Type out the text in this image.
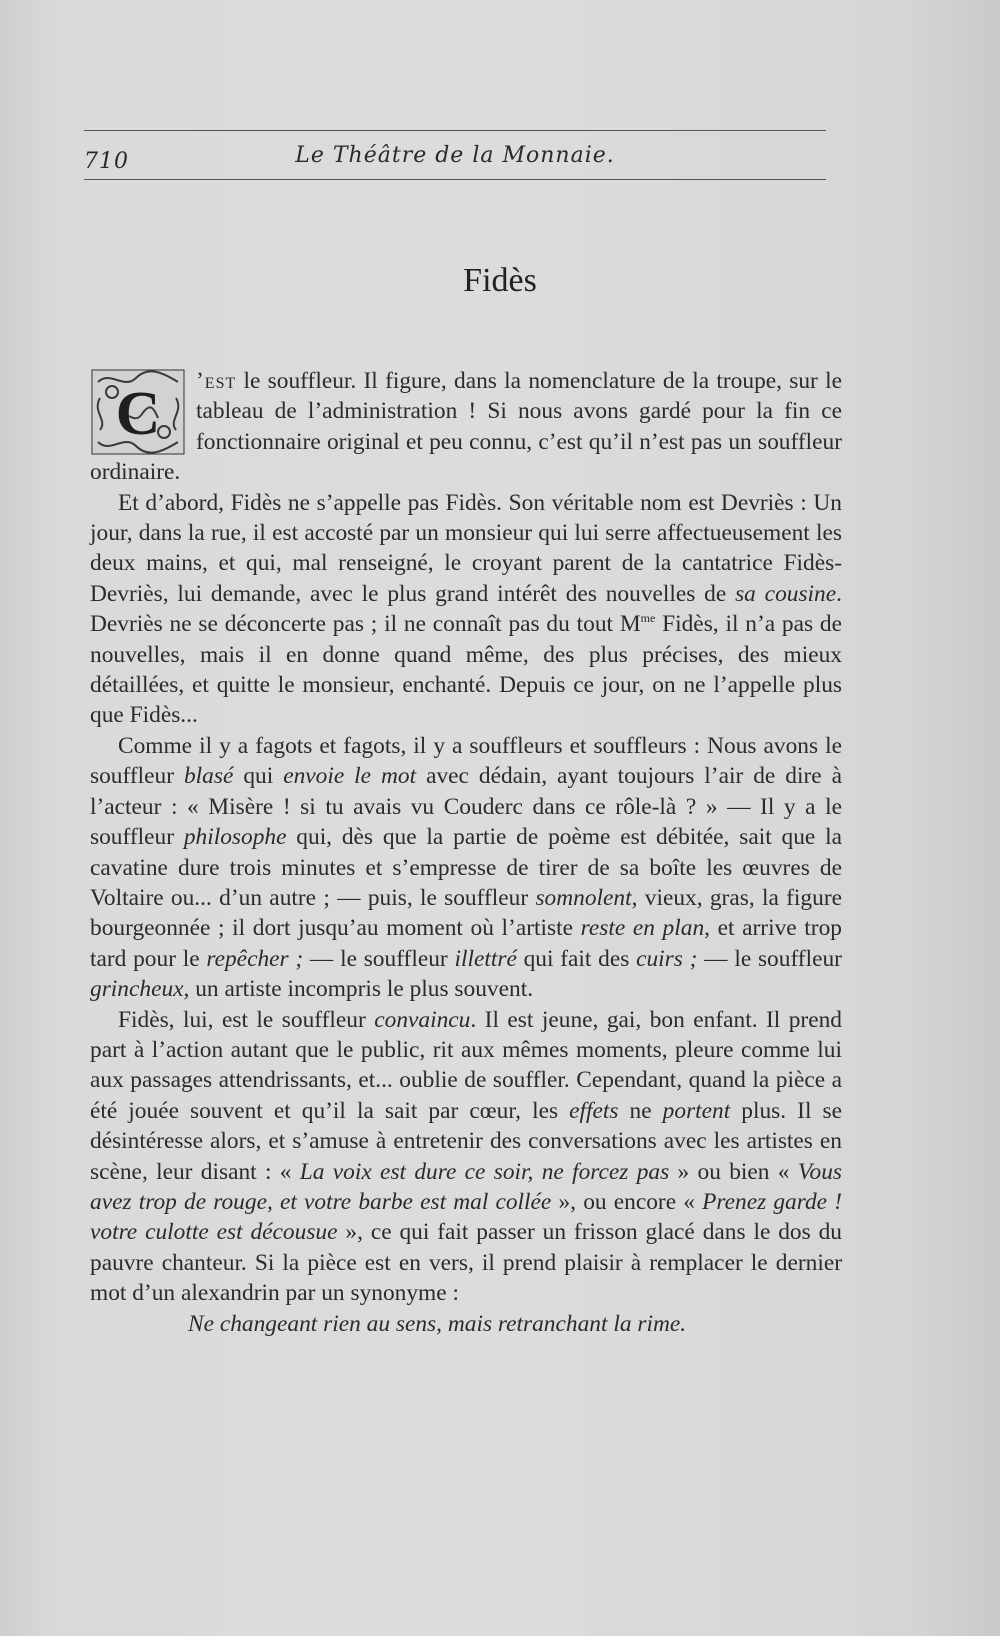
710	Le Théâtre de la Monnaie.
Fidès

C ’est le souffleur. Il figure, dans la nomenclature de la troupe, sur le tableau de l’administration ! Si nous avons gardé pour la fin ce fonctionnaire original et peu connu, c’est qu’il n’est pas un souffleur ordinaire.

Et d’abord, Fidès ne s’appelle pas Fidès. Son véritable nom est Devriès : Un jour, dans la rue, il est accosté par un monsieur qui lui serre affectueusement les deux mains, et qui, mal renseigné, le croyant parent de la cantatrice Fidès-Devriès, lui demande, avec le plus grand intérêt des nouvelles de sa cousine. Devriès ne se déconcerte pas ; il ne connaît pas du tout $M^{me}$ Fidès, il n’a pas de nouvelles, mais il en donne quand même, des plus précises, des mieux détaillées, et quitte le monsieur, enchanté. Depuis ce jour, on ne l’appelle plus que Fidès...

Comme il y a fagots et fagots, il y a souffleurs et souffleurs : Nous avons le souffleur blasé qui envoie le mot avec dédain, ayant toujours l’air de dire à l’acteur : « Misère ! si tu avais vu Couderc dans ce rôle-là ? » — Il y a le souffleur philosophe qui, dès que la partie de poème est débitée, sait que la cavatine dure trois minutes et s’empresse de tirer de sa boîte les œuvres de Voltaire ou... d’un autre ; — puis, le souffleur somnolent, vieux, gras, la figure bourgeonnée ; il dort jusqu’au moment où l’artiste reste en plan, et arrive trop tard pour le repêcher ; — le souffleur illettré qui fait des cuirs ; — le souffleur grincheux, un artiste incompris le plus souvent.

Fidès, lui, est le souffleur convaincu. Il est jeune, gai, bon enfant. Il prend part à l’action autant que le public, rit aux mêmes moments, pleure comme lui aux passages attendrissants, et... oublie de souffler. Cependant, quand la pièce a été jouée souvent et qu’il la sait par cœur, les effets ne portent plus. Il se désintéresse alors, et s’amuse à entretenir des conversations avec les artistes en scène, leur disant : « La voix est dure ce soir, ne forcez pas » ou bien « Vous avez trop de rouge, et votre barbe est mal collée », ou encore « Prenez garde ! votre culotte est décousue », ce qui fait passer un frisson glacé dans le dos du pauvre chanteur. Si la pièce est en vers, il prend plaisir à remplacer le dernier mot d’un alexandrin par un synonyme :

Ne changeant rien au sens, mais retranchant la rime.
